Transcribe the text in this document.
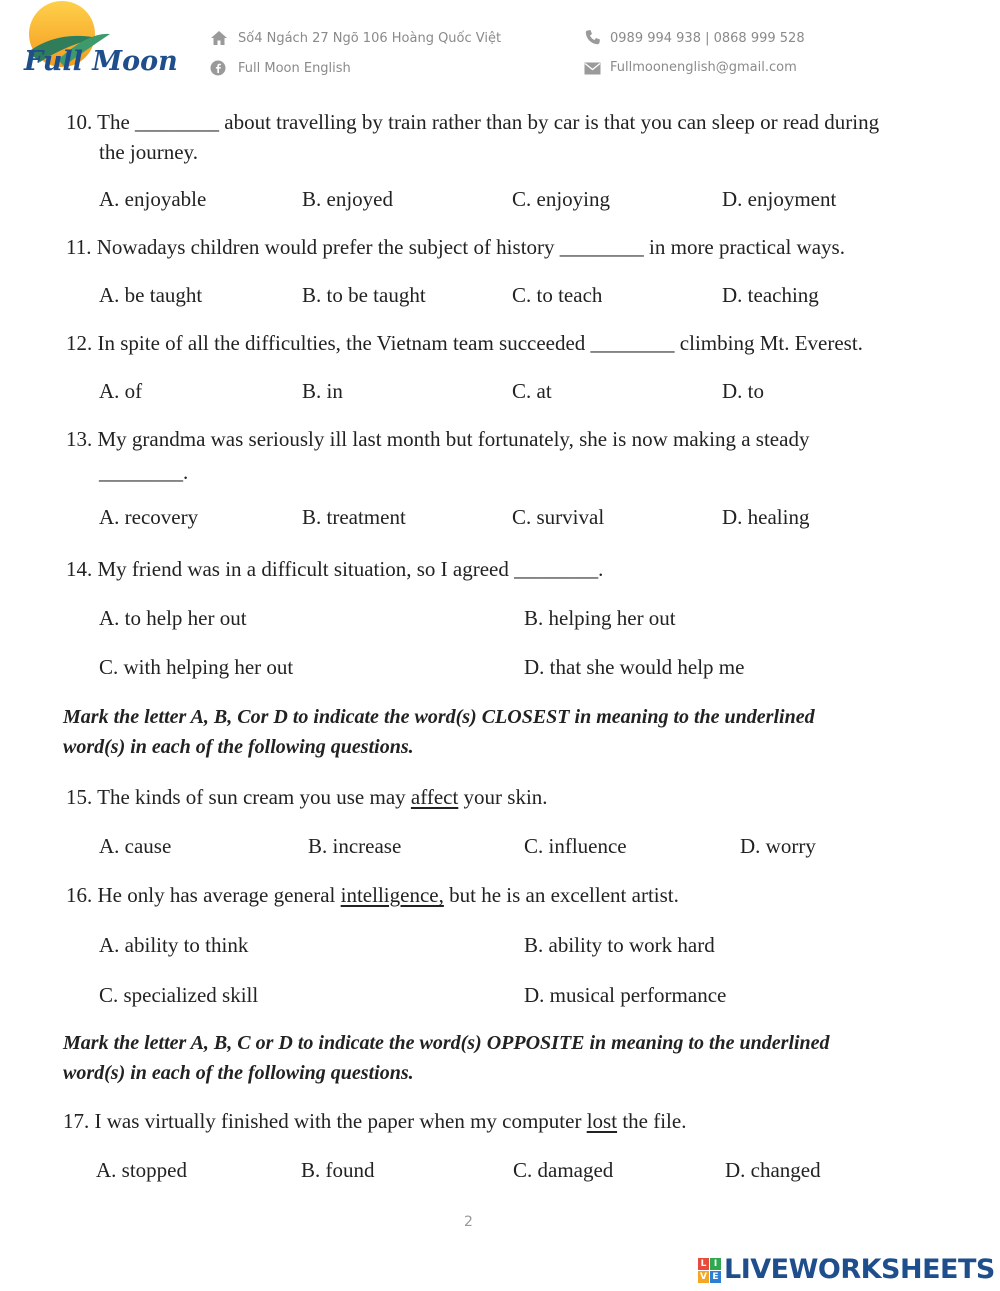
Full Moon
Số4 Ngách 27 Ngõ 106 Hoàng Quốc Việt
Full Moon English
0989 994 938 | 0868 999 528
Fullmoonenglish@gmail.com
10. The ________ about travelling by train rather than by car is that you can sleep or read during
the journey.
A. enjoyable	B. enjoyed	C. enjoying	D. enjoyment
11. Nowadays children would prefer the subject of history ________ in more practical ways.
A. be taught	B. to be taught	C. to teach	D. teaching
12. In spite of all the difficulties, the Vietnam team succeeded ________ climbing Mt. Everest.
A. of	B. in	C. at	D. to
13. My grandma was seriously ill last month but fortunately, she is now making a steady
________.
A. recovery	B. treatment	C. survival	D. healing
14. My friend was in a difficult situation, so I agreed ________.
A. to help her out	B. helping her out
C. with helping her out	D. that she would help me
Mark the letter A, B, Cor D to indicate the word(s) CLOSEST in meaning to the underlined
word(s) in each of the following questions.
15. The kinds of sun cream you use may affect your skin.
A. cause	B. increase	C. influence	D. worry
16. He only has average general intelligence, but he is an excellent artist.
A. ability to think	B. ability to work hard
C. specialized skill	D. musical performance
Mark the letter A, B, C or D to indicate the word(s) OPPOSITE in meaning to the underlined
word(s) in each of the following questions.
17. I was virtually finished with the paper when my computer lost the file.
A. stopped	B. found	C. damaged	D. changed
2
L I
V E LIVEWORKSHEETS
